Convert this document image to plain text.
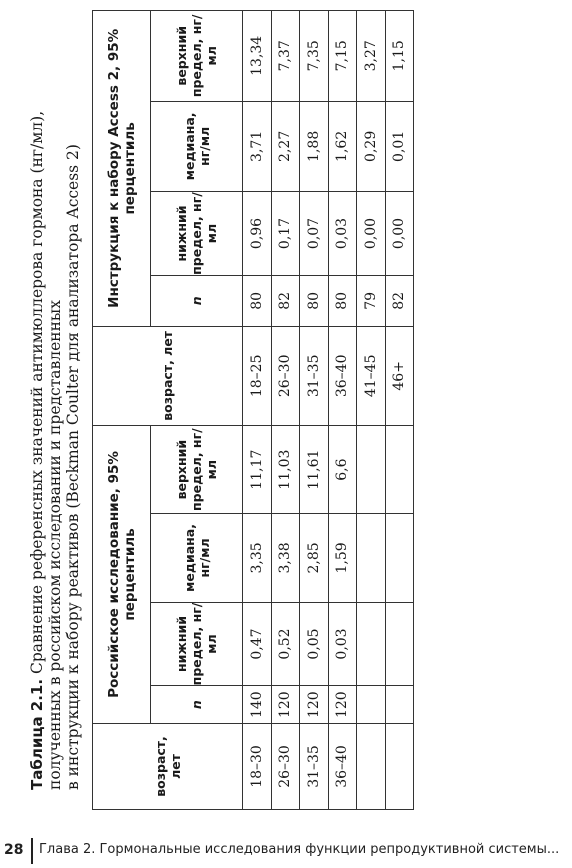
Таблица 2.1. Сравнение референсных значений антимюллерова гормона (нг/мл), полученных в российском исследовании и представленных в инструкции к набору реактивов (Beckman Coulter для анализатора Access 2)	возраст, лет	Российское исследование, 95% перцентиль				возраст, лет	Инструкция к набору Access 2, 95% перцентиль			
	n	нижний предел, нг/мл	медиана, нг/мл	верхний предел, нг/мл		n	нижний предел, нг/мл	медиана, нг/мл	верхний предел, нг/мл
18–30	140	0,47	3,35	11,17	18–25	80	0,96	3,71	13,34
26–30	120	0,52	3,38	11,03	26–30	82	0,17	2,27	7,37
31–35	120	0,05	2,85	11,61	31–35	80	0,07	1,88	7,35
36–40	120	0,03	1,59	6,6	36–40	80	0,03	1,62	7,15
					41–45	79	0,00	0,29	3,27
					46+	82	0,00	0,01	1,15
28 Глава 2. Гормональные исследования функции репродуктивной системы...
